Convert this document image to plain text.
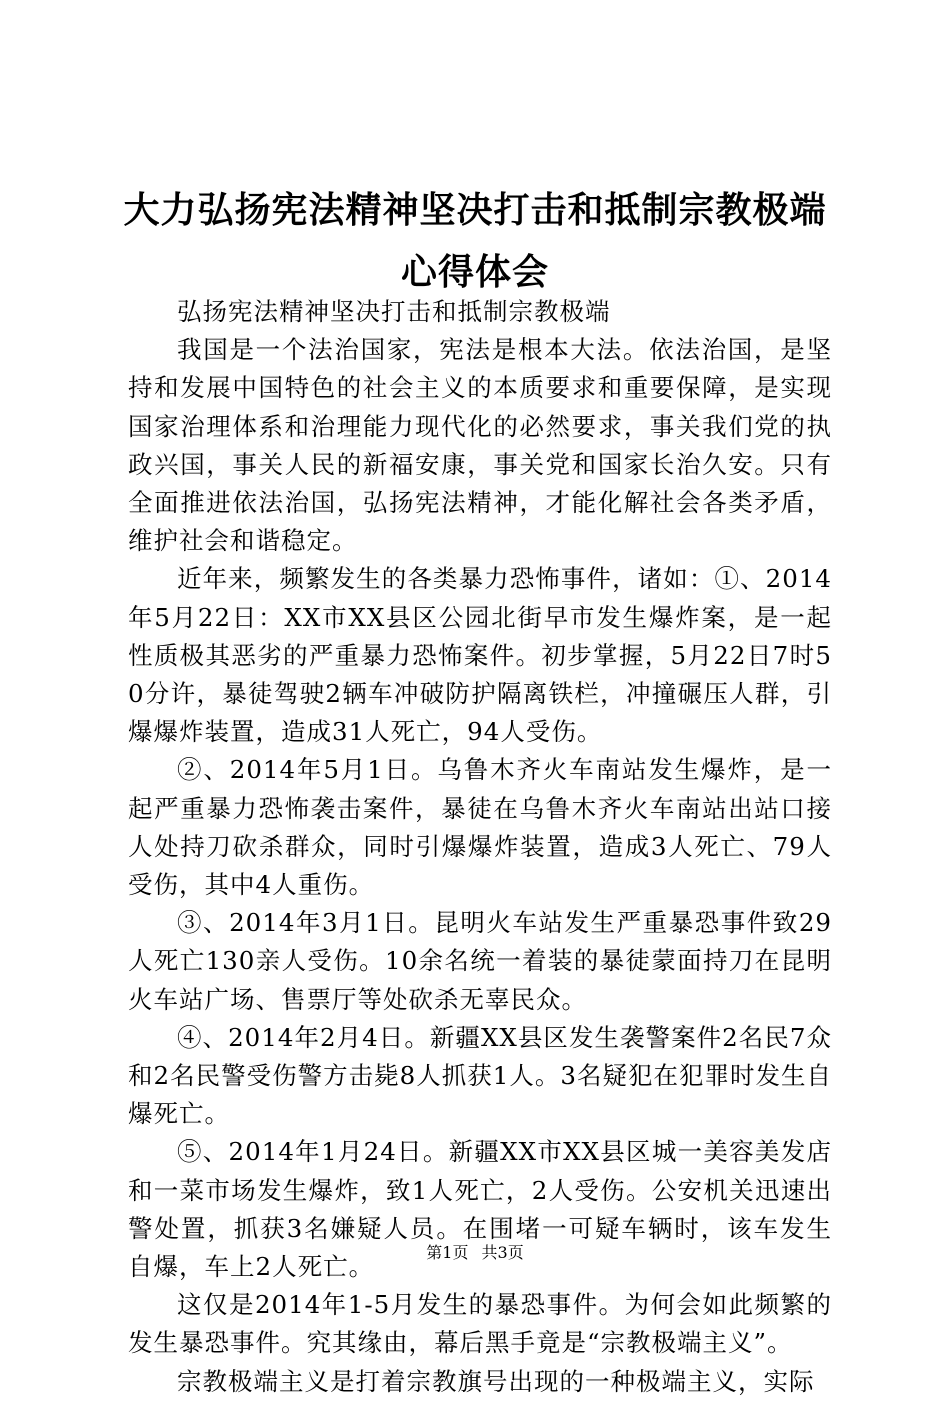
大力弘扬宪法精神坚决打击和抵制宗教极端心得体会

弘扬宪法精神坚决打击和抵制宗教极端

我国是一个法治国家，宪法是根本大法。依法治国，是坚持和发展中国特色的社会主义的本质要求和重要保障，是实现国家治理体系和治理能力现代化的必然要求，事关我们党的执政兴国，事关人民的新福安康，事关党和国家长治久安。只有全面推进依法治国，弘扬宪法精神，才能化解社会各类矛盾，维护社会和谐稳定。

近年来，频繁发生的各类暴力恐怖事件，诸如：①、2014年5月22日：XX市XX县区公园北街早市发生爆炸案，是一起性质极其恶劣的严重暴力恐怖案件。初步掌握，5月22日7时50分许，暴徒驾驶2辆车冲破防护隔离铁栏，冲撞碾压人群，引爆爆炸装置，造成31人死亡，94人受伤。

②、2014年5月1日。乌鲁木齐火车南站发生爆炸，是一起严重暴力恐怖袭击案件，暴徒在乌鲁木齐火车南站出站口接人处持刀砍杀群众，同时引爆爆炸装置，造成3人死亡、79人受伤，其中4人重伤。

③、2014年3月1日。昆明火车站发生严重暴恐事件致29人死亡130亲人受伤。10余名统一着装的暴徒蒙面持刀在昆明火车站广场、售票厅等处砍杀无辜民众。

④、2014年2月4日。新疆XX县区发生袭警案件2名民7众和2名民警受伤警方击毙8人抓获1人。3名疑犯在犯罪时发生自爆死亡。

⑤、2014年1月24日。新疆XX市XX县区城一美容美发店和一菜市场发生爆炸，致1人死亡，2人受伤。公安机关迅速出警处置，抓获3名嫌疑人员。在围堵一可疑车辆时，该车发生自爆，车上2人死亡。

这仅是2014年1-5月发生的暴恐事件。为何会如此频繁的发生暴恐事件。究其缘由，幕后黑手竟是“宗教极端主义”。

宗教极端主义是打着宗教旗号出现的一种极端主义，实际

第1页 共3页
